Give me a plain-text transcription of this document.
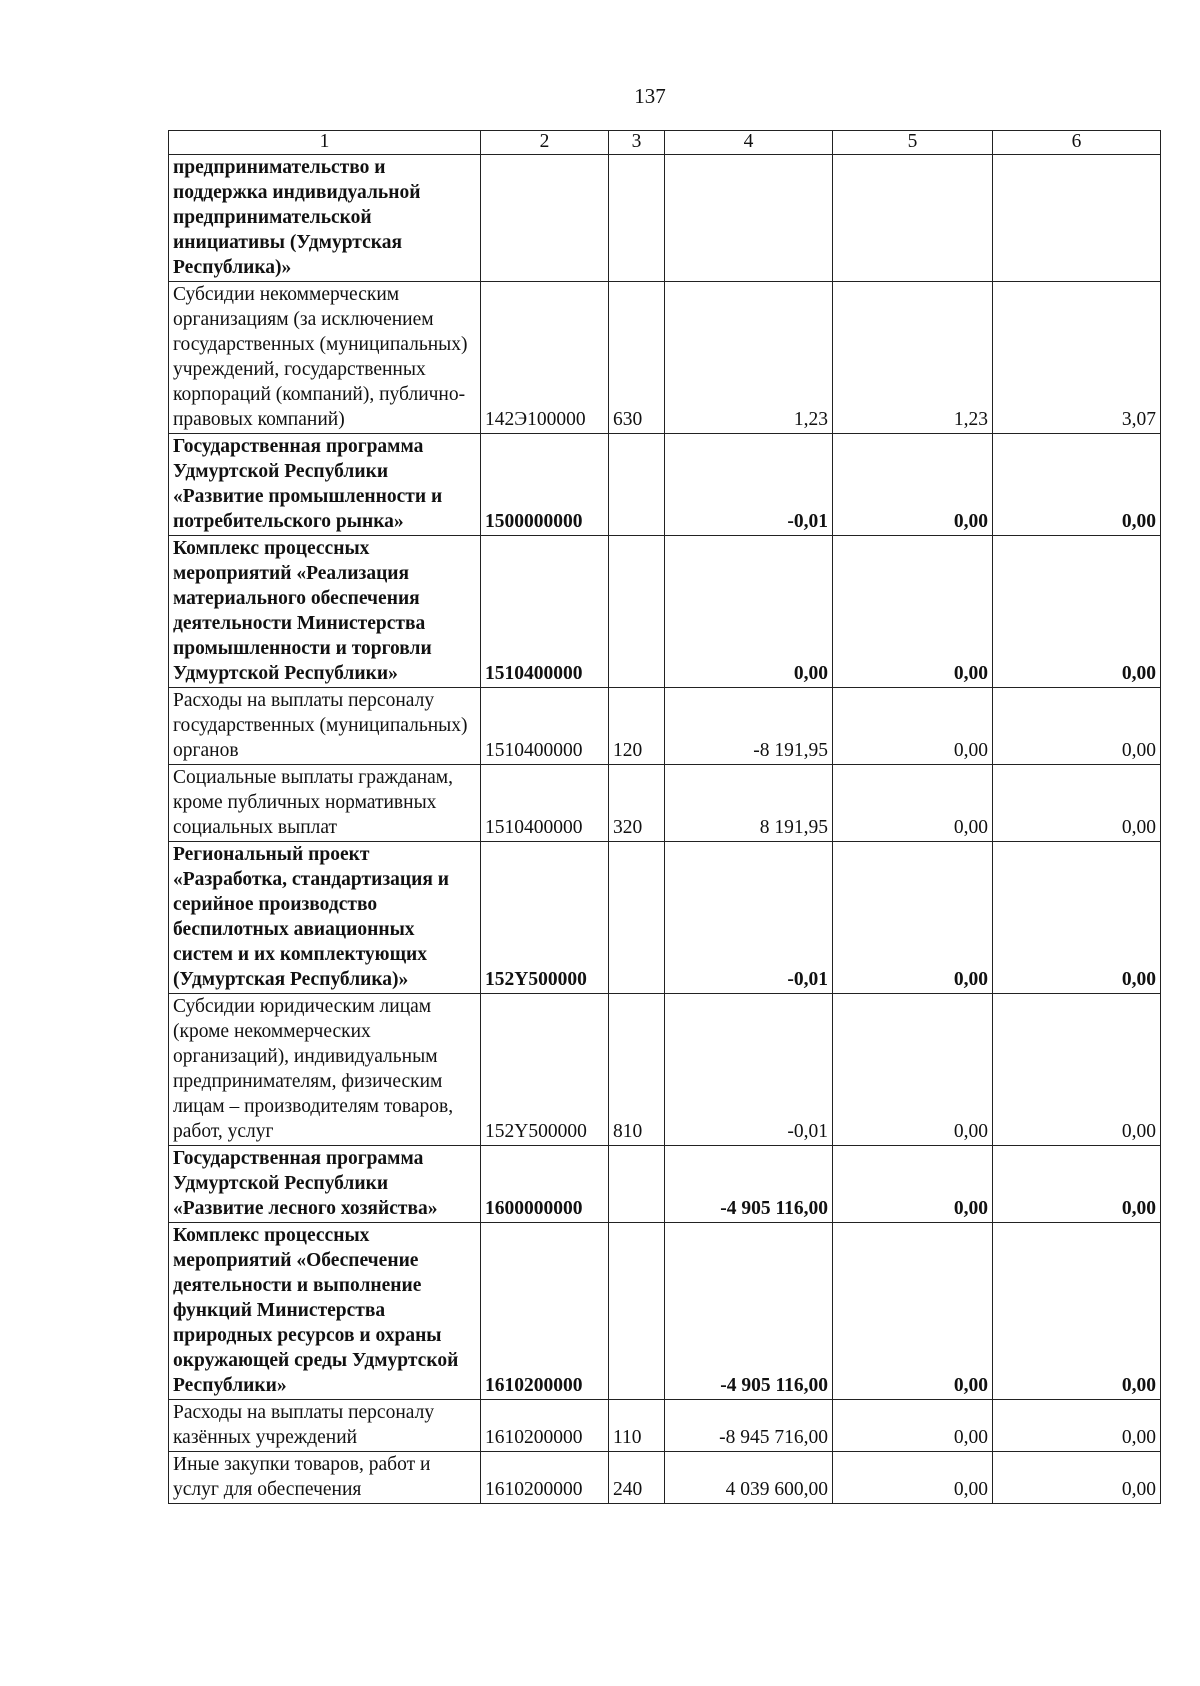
137
1	2	3	4	5	6
предпринимательство и поддержка индивидуальной предпринимательской инициативы (Удмуртская Республика)»					
Субсидии некоммерческим организациям (за исключением государственных (муниципальных) учреждений, государственных корпораций (компаний), публично-правовых компаний)	142Э100000	630	1,23	1,23	3,07
Государственная программа Удмуртской Республики «Развитие промышленности и потребительского рынка»	1500000000		-0,01	0,00	0,00
Комплекс процессных мероприятий «Реализация материального обеспечения деятельности Министерства промышленности и торговли Удмуртской Республики»	1510400000		0,00	0,00	0,00
Расходы на выплаты персоналу государственных (муниципальных) органов	1510400000	120	-8 191,95	0,00	0,00
Социальные выплаты гражданам, кроме публичных нормативных социальных выплат	1510400000	320	8 191,95	0,00	0,00
Региональный проект «Разработка, стандартизация и серийное производство беспилотных авиационных систем и их комплектующих (Удмуртская Республика)»	152Y500000		-0,01	0,00	0,00
Субсидии юридическим лицам (кроме некоммерческих организаций), индивидуальным предпринимателям, физическим лицам – производителям товаров, работ, услуг	152Y500000	810	-0,01	0,00	0,00
Государственная программа Удмуртской Республики «Развитие лесного хозяйства»	1600000000		-4 905 116,00	0,00	0,00
Комплекс процессных мероприятий «Обеспечение деятельности и выполнение функций Министерства природных ресурсов и охраны окружающей среды Удмуртской Республики»	1610200000		-4 905 116,00	0,00	0,00
Расходы на выплаты персоналу казённых учреждений	1610200000	110	-8 945 716,00	0,00	0,00
Иные закупки товаров, работ и услуг для обеспечения	1610200000	240	4 039 600,00	0,00	0,00
